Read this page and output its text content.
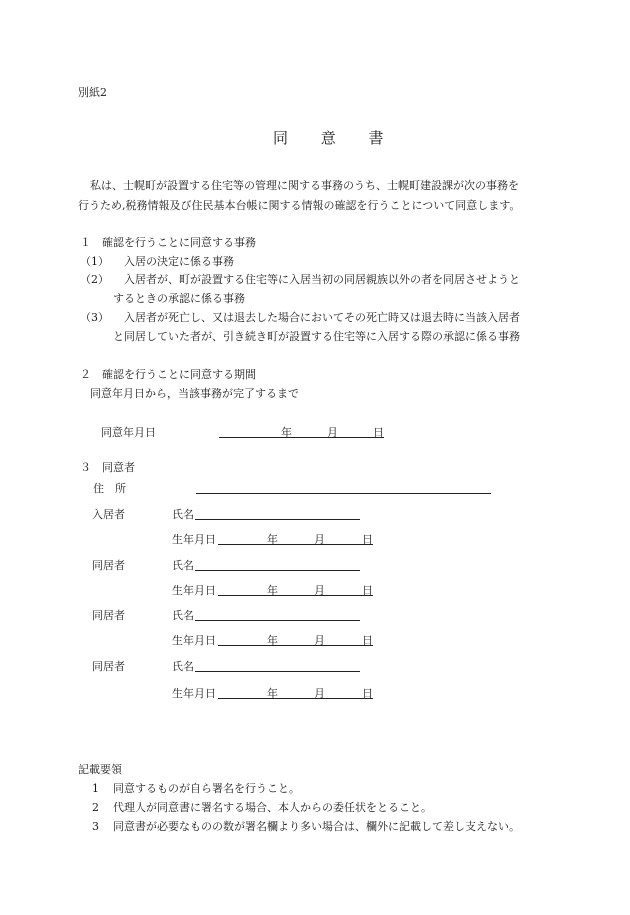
別紙2
同 意 書
私は、士幌町が設置する住宅等の管理に関する事務のうち、士幌町建設課が次の事務を
行うため,税務情報及び住民基本台帳に関する情報の確認を行うことについて同意します。
１　確認を行うことに同意する事務
（1） 入居の決定に係る事務
（2） 入居者が、町が設置する住宅等に入居当初の同居親族以外の者を同居させようと
するときの承認に係る事務
（3） 入居者が死亡し、又は退去した場合においてその死亡時又は退去時に当該入居者
と同居していた者が、引き続き町が設置する住宅等に入居する際の承認に係る事務
２　確認を行うことに同意する期間
同意年月日から，当該事務が完了するまで
同意年月日	年	月	日
３　同意者
住　所
入居者	氏名
生年月日	年	月	日
同居者	氏名
生年月日	年	月	日
同居者	氏名
生年月日	年	月	日
同居者	氏名
生年月日	年	月	日
記載要領
1 同意するものが自ら署名を行うこと。
2 代理人が同意書に署名する場合、本人からの委任状をとること。
3 同意書が必要なものの数が署名欄より多い場合は、欄外に記載して差し支えない。
